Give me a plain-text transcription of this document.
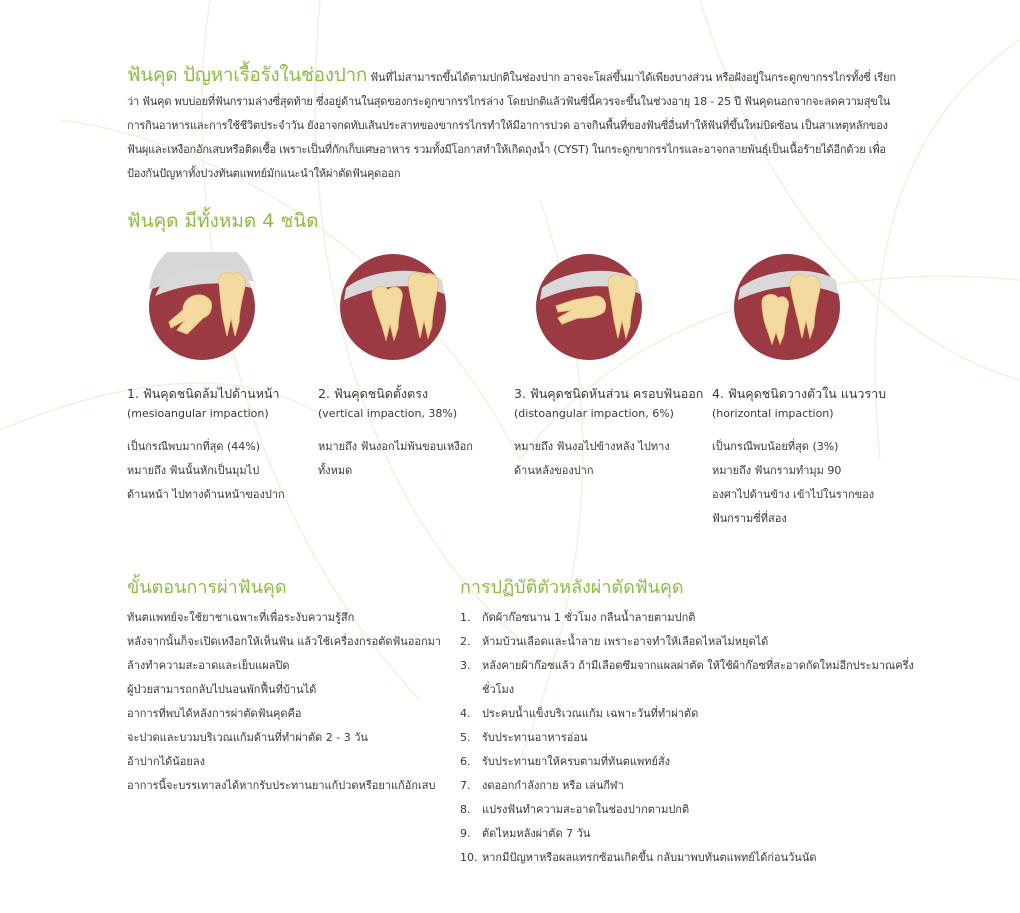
ฟันคุด ปัญหาเรื้อรังในช่องปาก ฟันที่ไม่สามารถขึ้นได้ตามปกติในช่องปาก อาจจะโผล่ขึ้นมาได้เพียงบางส่วน หรือฝังอยู่ในกระดูกขากรรไกรทั้งซี่ เรียกว่า ฟันคุด พบบ่อยที่ฟันกรามล่างซี่สุดท้าย ซึ่งอยู่ด้านในสุดของกระดูกขากรรไกรล่าง โดยปกติแล้วฟันซี่นี้ควรจะขึ้นในช่วงอายุ 18 - 25 ปี ฟันคุดนอกจากจะลดความสุขในการกินอาหารและการใช้ชีวิตประจำวัน ยังอาจกดทับเส้นประสาทของขากรรไกรทำให้มีอาการปวด อาจกินพื้นที่ของฟันซี่อื่นทำให้ฟันที่ขึ้นใหม่บิดซ้อน เป็นสาเหตุหลักของฟันผุและเหงือกอักเสบหรือติดเชื้อ เพราะเป็นที่กักเก็บเศษอาหาร รวมทั้งมีโอกาสทำให้เกิดถุงน้ำ (CYST) ในกระดูกขากรรไกรและอาจกลายพันธุ์เป็นเนื้อร้ายได้อีกด้วย เพื่อป้องกันปัญหาทั้งปวงทันตแพทย์มักแนะนำให้ผ่าตัดฟันคุดออก

ฟันคุด มีทั้งหมด 4 ชนิด
1. ฟันคุดชนิดล้มไปด้านหน้า
(mesioangular impaction)
เป็นกรณีพบมากที่สุด (44%)
หมายถึง ฟันนั้นหักเป็นมุมไป
ด้านหน้า ไปทางด้านหน้าของปาก
2. ฟันคุดชนิดตั้งตรง
(vertical impaction, 38%)
หมายถึง ฟันงอกไม่พ้นขอบเหงือก
ทั้งหมด
3. ฟันคุดชนิดหันส่วน ครอบฟันออก
(distoangular impaction, 6%)
หมายถึง ฟันงอไปข้างหลัง ไปทาง
ด้านหลังของปาก
4. ฟันคุดชนิดวางตัวใน แนวราบ
(horizontal impaction)
เป็นกรณีพบน้อยที่สุด (3%)
หมายถึง ฟันกรามทำมุม 90
องศาไปด้านข้าง เข้าไปในรากของ
ฟันกรามซี่ที่สอง
ขั้นตอนการผ่าฟันคุด
ทันตแพทย์จะใช้ยาชาเฉพาะที่เพื่อระงับความรู้สึก
หลังจากนั้นก็จะเปิดเหงือกให้เห็นฟัน แล้วใช้เครื่องกรอตัดฟันออกมา
ล้างทำความสะอาดและเย็บแผลปิด
ผู้ป่วยสามารถกลับไปนอนพักฟื้นที่บ้านได้
อาการที่พบได้หลังการผ่าตัดฟันคุดคือ
จะปวดและบวมบริเวณแก้มด้านที่ทำผ่าตัด 2 - 3 วัน
อ้าปากได้น้อยลง
อาการนี้จะบรรเทาลงได้หากรับประทานยาแก้ปวดหรือยาแก้อักเสบ
การปฏิบัติตัวหลังผ่าตัดฟันคุด
1.	กัดผ้าก๊อซนาน 1 ชั่วโมง กลืนน้ำลายตามปกติ
2.	ห้ามบ้วนเลือดและน้ำลาย เพราะอาจทำให้เลือดไหลไม่หยุดได้
3.	หลังคายผ้าก๊อซแล้ว ถ้ามีเลือดซึมจากแผลผ่าตัด ให้ใช้ผ้าก๊อซที่สะอาดกัดใหม่อีกประมาณครึ่งชั่วโมง
4.	ประคบน้ำแข็งบริเวณแก้ม เฉพาะวันที่ทำผ่าตัด
5.	รับประทานอาหารอ่อน
6.	รับประทานยาให้ครบตามที่ทันตแพทย์สั่ง
7.	งดออกกำลังกาย หรือ เล่นกีฬา
8.	แปรงฟันทำความสะอาดในช่องปากตามปกติ
9.	ตัดไหมหลังผ่าตัด 7 วัน
10. หากมีปัญหาหรือผลแทรกซ้อนเกิดขึ้น กลับมาพบทันตแพทย์ได้ก่อนวันนัด
